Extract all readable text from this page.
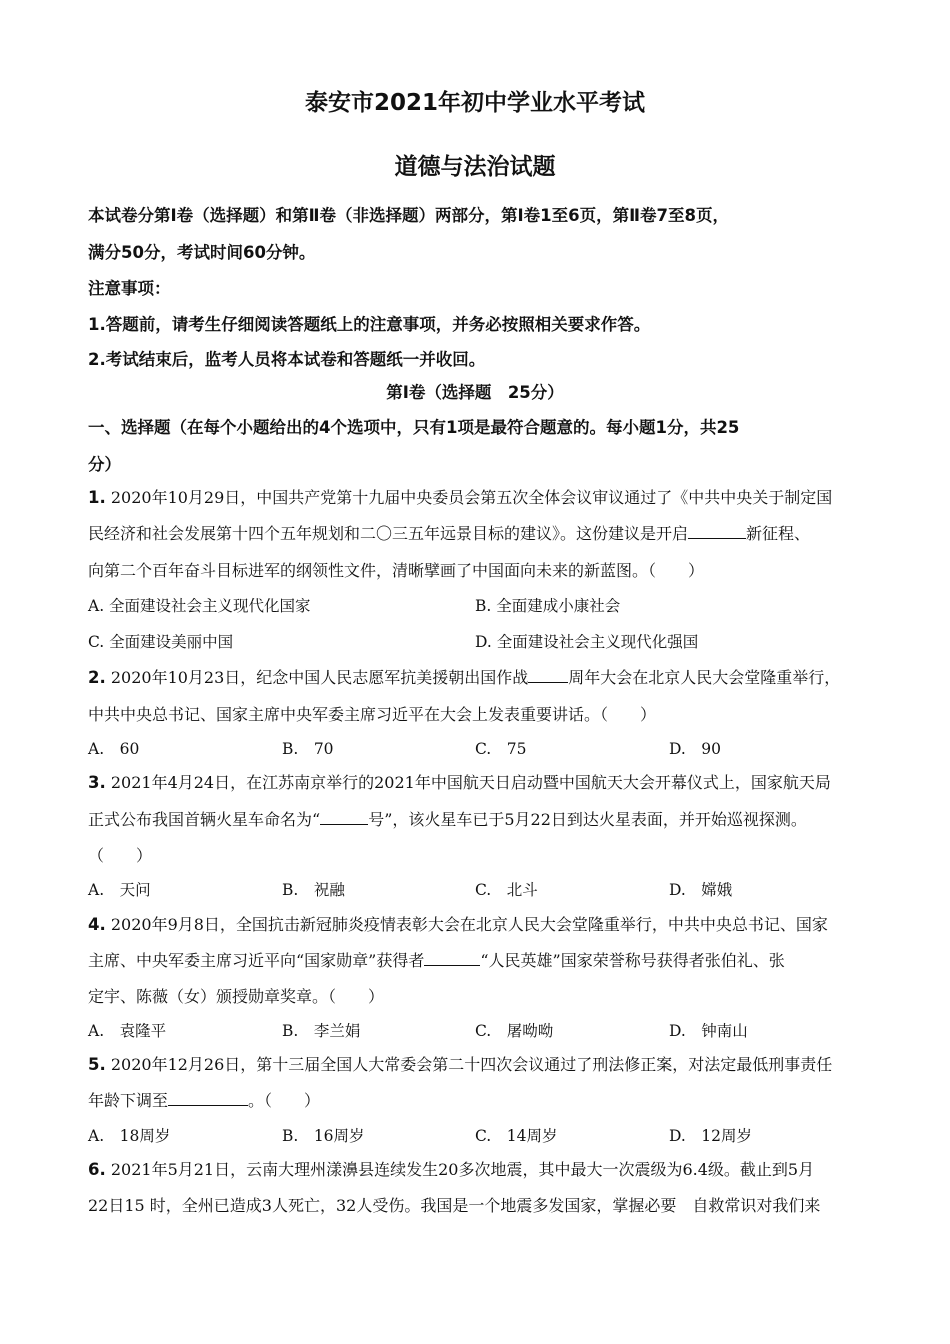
泰安市2021年初中学业水平考试
道德与法治试题
本试卷分第Ⅰ卷（选择题）和第Ⅱ卷（非选择题）两部分，第Ⅰ卷1至6页，第Ⅱ卷7至8页，
满分50分，考试时间60分钟。
注意事项：
1.答题前，请考生仔细阅读答题纸上的注意事项，并务必按照相关要求作答。
2.考试结束后，监考人员将本试卷和答题纸一并收回。
第Ⅰ卷（选择题　25分）
一、选择题（在每个小题给出的4个选项中，只有1项是最符合题意的。每小题1分，共25
分）
1. 2020年10月29日，中国共产党第十九届中央委员会第五次全体会议审议通过了《中共中央关于制定国
民经济和社会发展第十四个五年规划和二〇三五年远景目标的建议》。这份建议是开启	新征程、
向第二个百年奋斗目标进军的纲领性文件，清晰擘画了中国面向未来的新蓝图。（　　）
A. 全面建设社会主义现代化国家	B. 全面建成小康社会
C. 全面建设美丽中国	D. 全面建设社会主义现代化强国
2. 2020年10月23日，纪念中国人民志愿军抗美援朝出国作战	周年大会在北京人民大会堂隆重举行，
中共中央总书记、国家主席中央军委主席习近平在大会上发表重要讲话。（　　）
A.　60	B.　70	C.　75	D.　90
3. 2021年4月24日，在江苏南京举行的2021年中国航天日启动暨中国航天大会开幕仪式上，国家航天局
正式公布我国首辆火星车命名为“	号”，该火星车已于5月22日到达火星表面，并开始巡视探测。
（　　）
A.　天问	B.　祝融	C.　北斗	D.　嫦娥
4. 2020年9月8日，全国抗击新冠肺炎疫情表彰大会在北京人民大会堂隆重举行，中共中央总书记、国家
主席、中央军委主席习近平向“国家勋章”获得者	“人民英雄”国家荣誉称号获得者张伯礼、张
定宇、陈薇（女）颁授勋章奖章。（　　）
A.　袁隆平	B.　李兰娟	C.　屠呦呦	D.　钟南山
5. 2020年12月26日，第十三届全国人大常委会第二十四次会议通过了刑法修正案，对法定最低刑事责任
年龄下调至	。（　　）
A.　18周岁	B.　16周岁	C.　14周岁	D.　12周岁
6. 2021年5月21日，云南大理州漾濞县连续发生20多次地震，其中最大一次震级为6.4级。截止到5月
22日15 时，全州已造成3人死亡，32人受伤。我国是一个地震多发国家，掌握必要　自救常识对我们来
